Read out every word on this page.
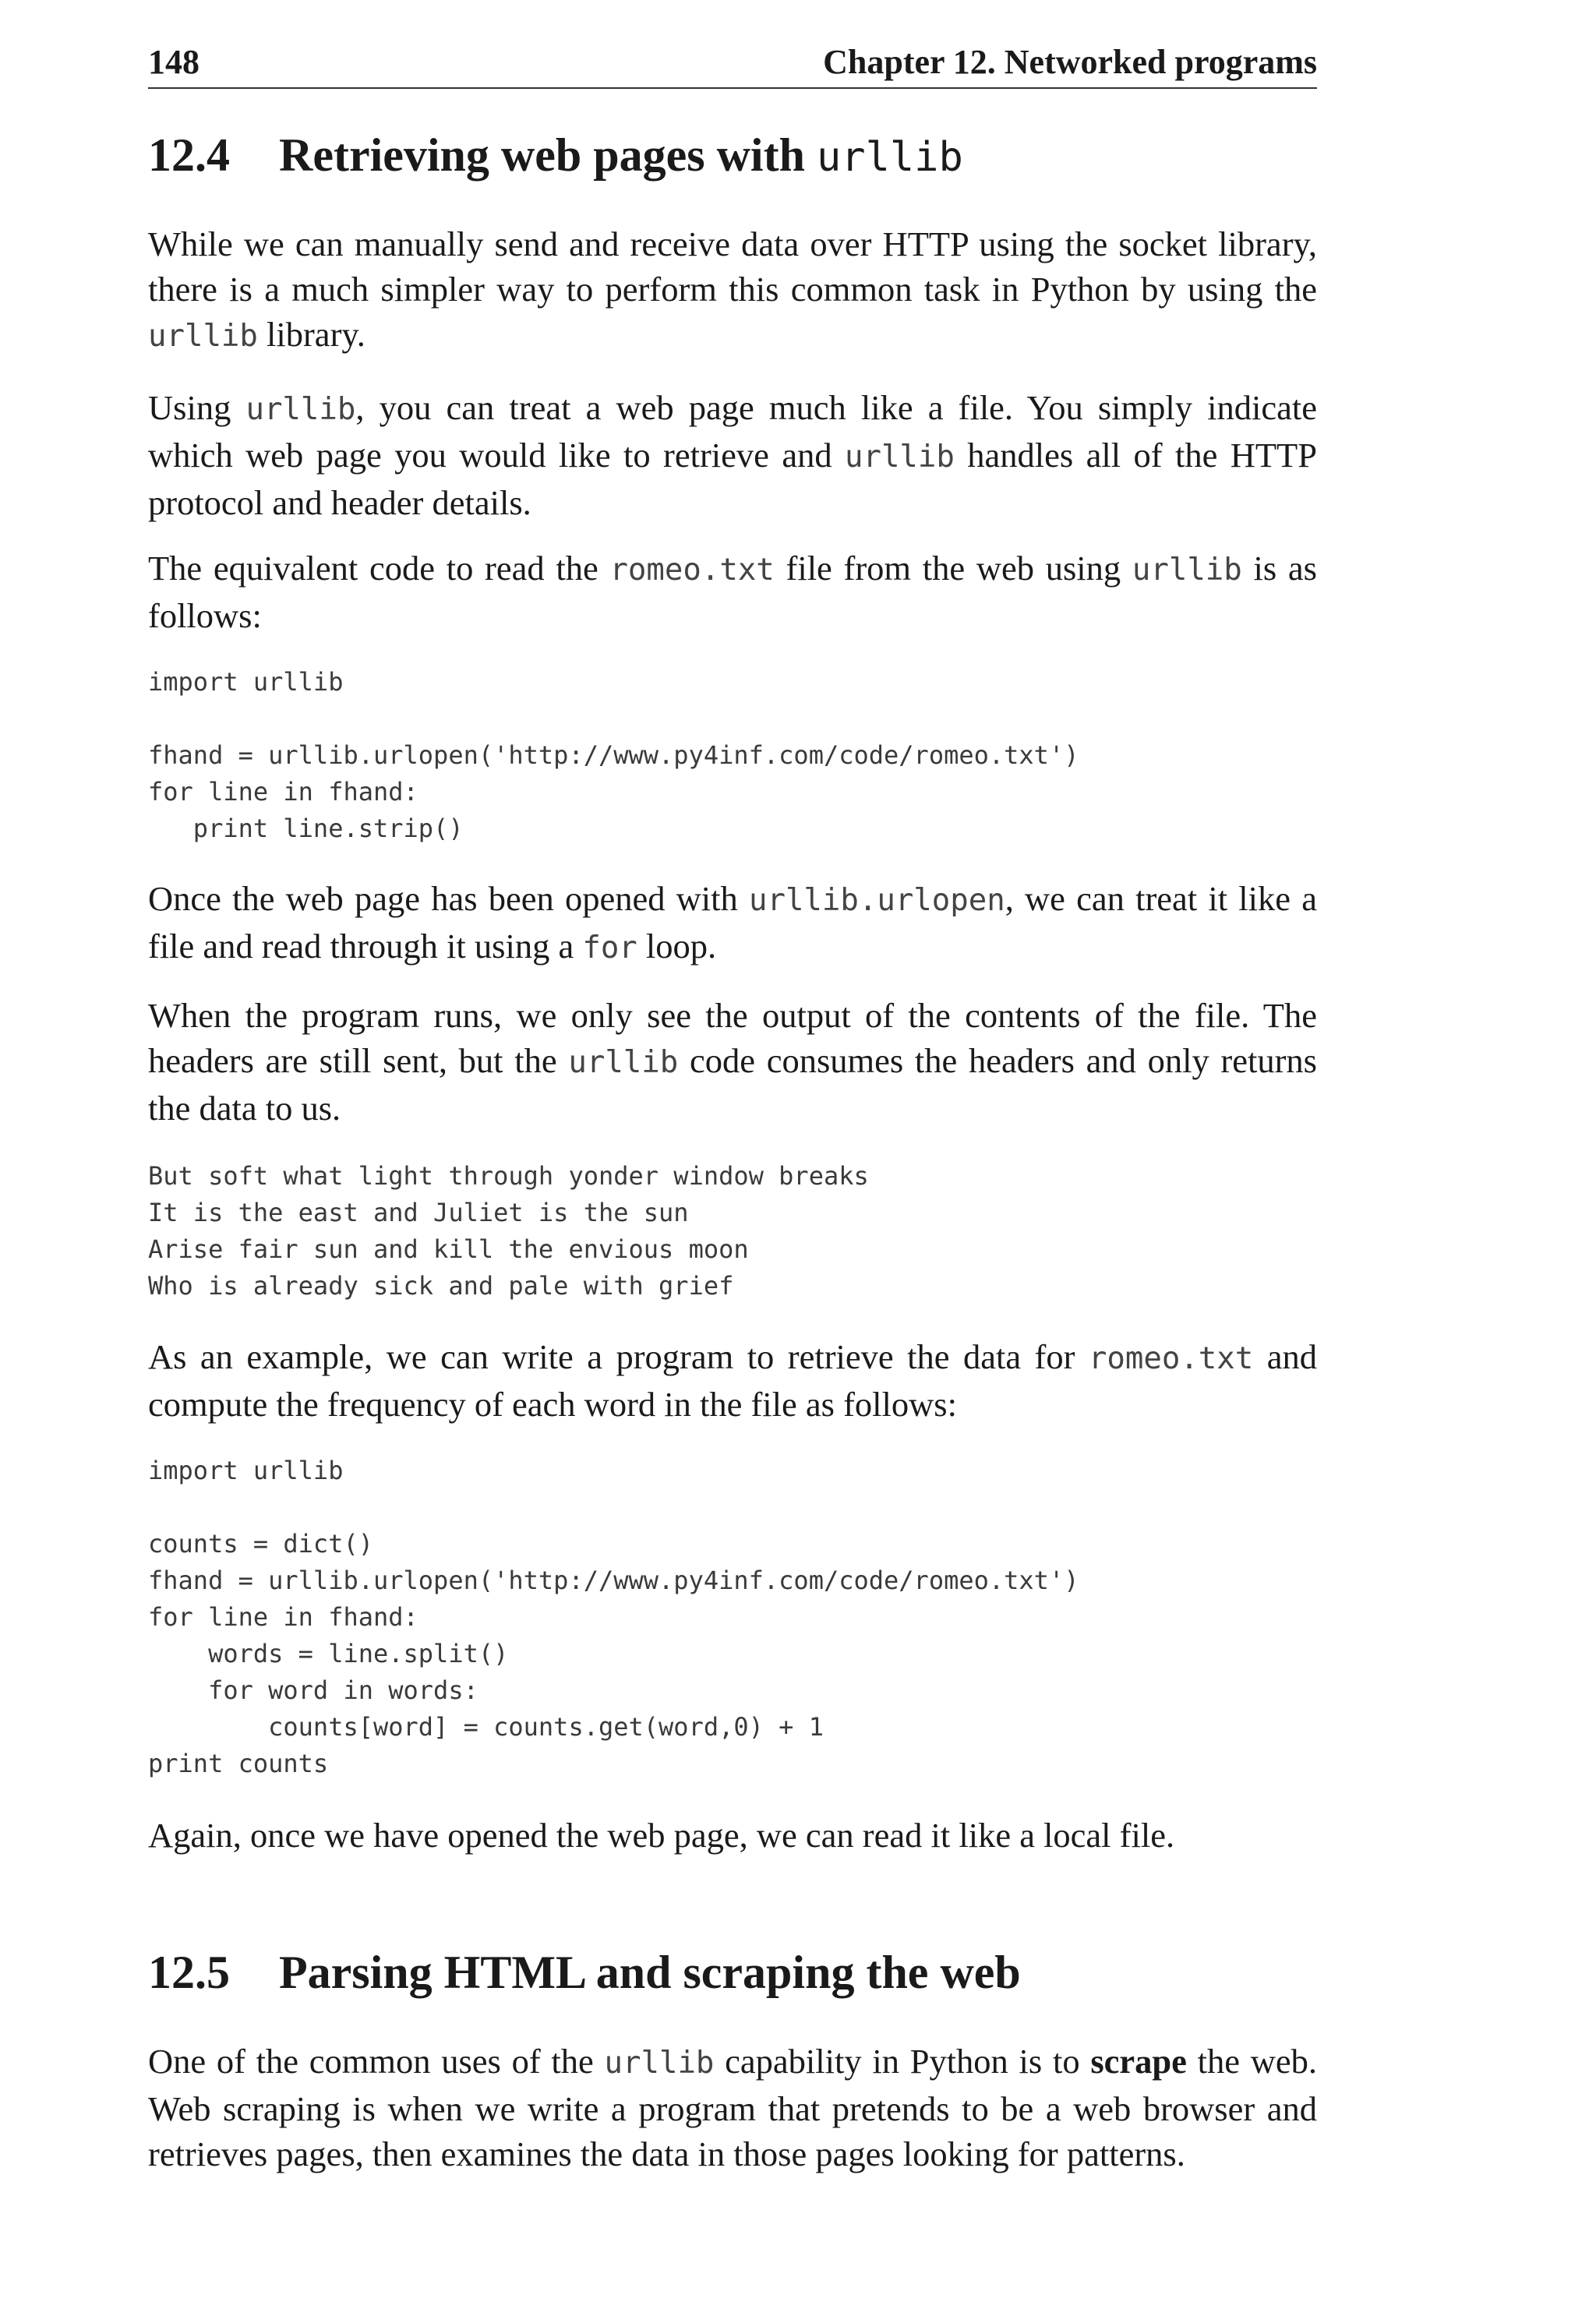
148	Chapter 12. Networked programs
12.4 Retrieving web pages with urllib

While we can manually send and receive data over HTTP using the socket library, there is a much simpler way to perform this common task in Python by using the urllib library.

Using urllib, you can treat a web page much like a file. You simply indicate which web page you would like to retrieve and urllib handles all of the HTTP protocol and header details.

The equivalent code to read the romeo.txt file from the web using urllib is as follows:

import urllib

fhand = urllib.urlopen('http://www.py4inf.com/code/romeo.txt')
for line in fhand:
print line.strip()

Once the web page has been opened with urllib.urlopen, we can treat it like a file and read through it using a for loop.

When the program runs, we only see the output of the contents of the file. The headers are still sent, but the urllib code consumes the headers and only returns the data to us.

But soft what light through yonder window breaks
It is the east and Juliet is the sun
Arise fair sun and kill the envious moon
Who is already sick and pale with grief

As an example, we can write a program to retrieve the data for romeo.txt and compute the frequency of each word in the file as follows:

import urllib

counts = dict()
fhand = urllib.urlopen('http://www.py4inf.com/code/romeo.txt')
for line in fhand:
words = line.split()
for word in words:
counts[word] = counts.get(word,0) + 1
print counts

Again, once we have opened the web page, we can read it like a local file.

12.5 Parsing HTML and scraping the web

One of the common uses of the urllib capability in Python is to scrape the web. Web scraping is when we write a program that pretends to be a web browser and retrieves pages, then examines the data in those pages looking for patterns.
